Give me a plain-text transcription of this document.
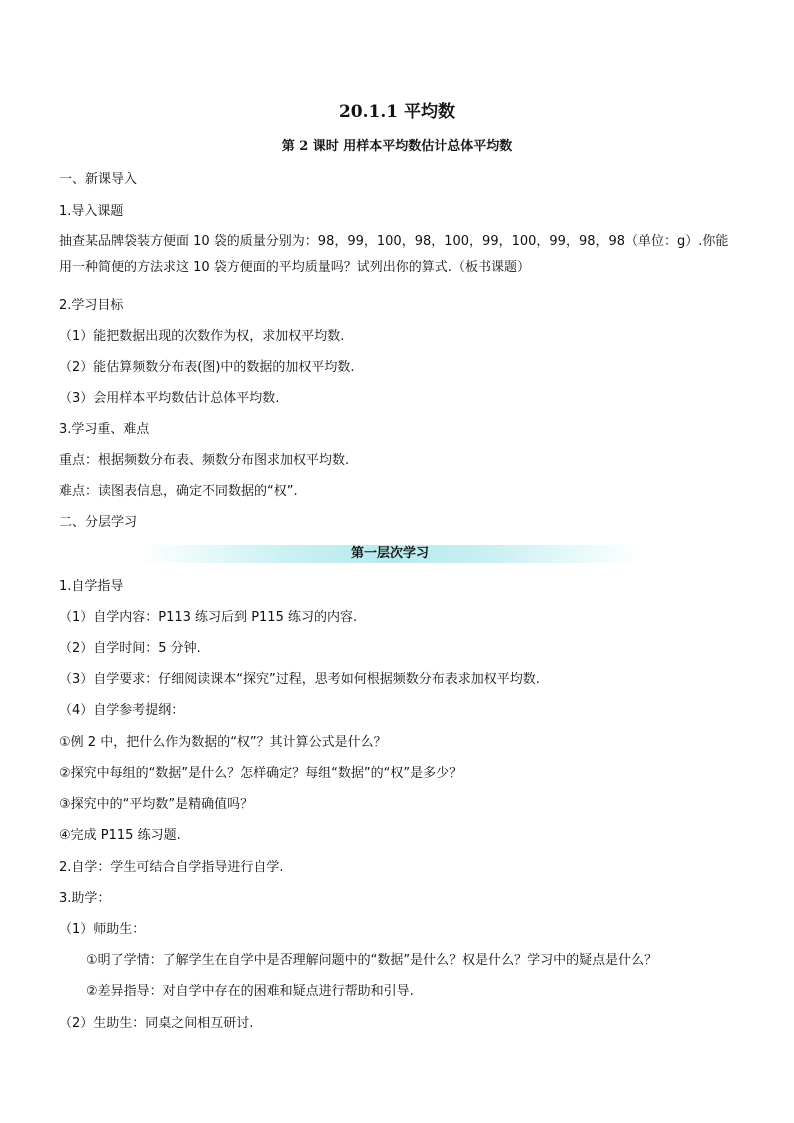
20.1.1 平均数
第 2 课时 用样本平均数估计总体平均数
一、新课导入
1.导入课题
抽查某品牌袋装方便面 10 袋的质量分别为：98，99，100，98，100，99，100，99，98，98（单位：g）.你能用一种简便的方法求这 10 袋方便面的平均质量吗？试列出你的算式.（板书课题）
2.学习目标
（1）能把数据出现的次数作为权，求加权平均数.
（2）能估算频数分布表(图)中的数据的加权平均数.
（3）会用样本平均数估计总体平均数.
3.学习重、难点
重点：根据频数分布表、频数分布图求加权平均数.
难点：读图表信息，确定不同数据的“权”.
二、分层学习
第一层次学习
1.自学指导
（1）自学内容：P113 练习后到 P115 练习的内容.
（2）自学时间：5 分钟.
（3）自学要求：仔细阅读课本“探究”过程，思考如何根据频数分布表求加权平均数.
（4）自学参考提纲：
①例 2 中，把什么作为数据的“权”？其计算公式是什么？
②探究中每组的“数据”是什么？怎样确定？每组“数据”的“权”是多少？
③探究中的“平均数”是精确值吗？
④完成 P115 练习题.
2.自学：学生可结合自学指导进行自学.
3.助学：
（1）师助生：
①明了学情：了解学生在自学中是否理解问题中的“数据”是什么？权是什么？学习中的疑点是什么？
②差异指导：对自学中存在的困难和疑点进行帮助和引导.
（2）生助生：同桌之间相互研讨.
